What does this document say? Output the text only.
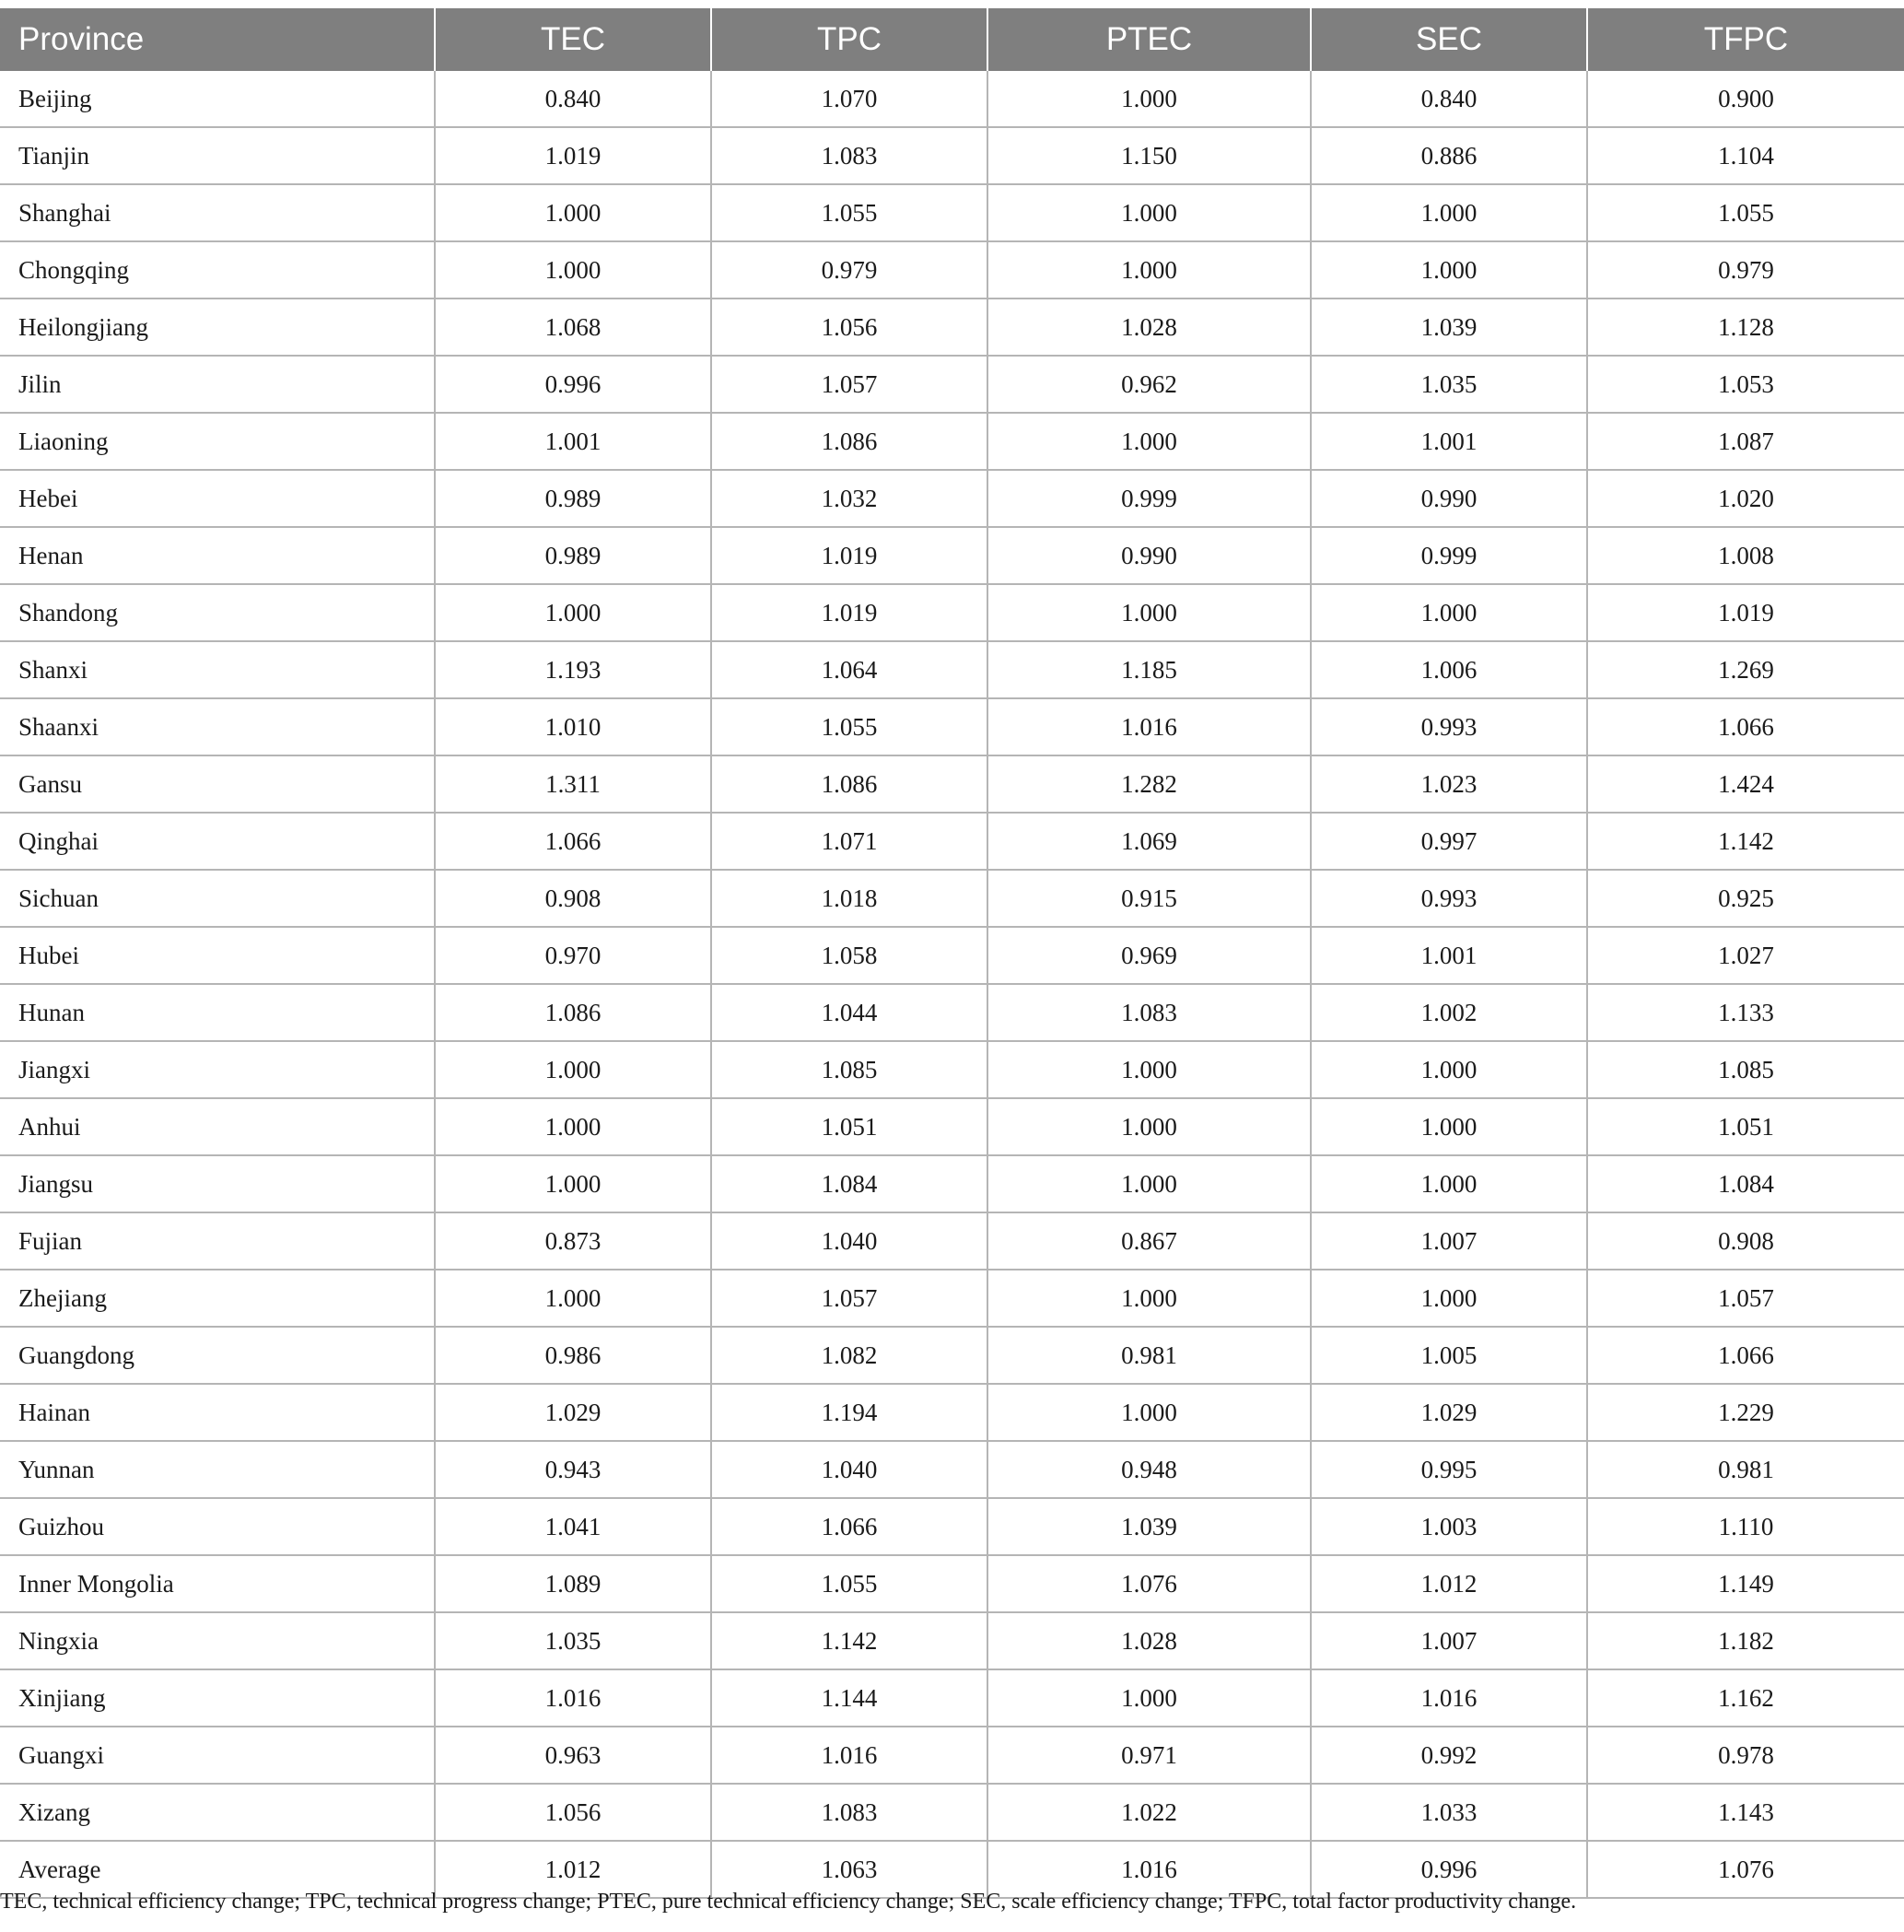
Province	TEC	TPC	PTEC	SEC	TFPC
Beijing	0.840	1.070	1.000	0.840	0.900
Tianjin	1.019	1.083	1.150	0.886	1.104
Shanghai	1.000	1.055	1.000	1.000	1.055
Chongqing	1.000	0.979	1.000	1.000	0.979
Heilongjiang	1.068	1.056	1.028	1.039	1.128
Jilin	0.996	1.057	0.962	1.035	1.053
Liaoning	1.001	1.086	1.000	1.001	1.087
Hebei	0.989	1.032	0.999	0.990	1.020
Henan	0.989	1.019	0.990	0.999	1.008
Shandong	1.000	1.019	1.000	1.000	1.019
Shanxi	1.193	1.064	1.185	1.006	1.269
Shaanxi	1.010	1.055	1.016	0.993	1.066
Gansu	1.311	1.086	1.282	1.023	1.424
Qinghai	1.066	1.071	1.069	0.997	1.142
Sichuan	0.908	1.018	0.915	0.993	0.925
Hubei	0.970	1.058	0.969	1.001	1.027
Hunan	1.086	1.044	1.083	1.002	1.133
Jiangxi	1.000	1.085	1.000	1.000	1.085
Anhui	1.000	1.051	1.000	1.000	1.051
Jiangsu	1.000	1.084	1.000	1.000	1.084
Fujian	0.873	1.040	0.867	1.007	0.908
Zhejiang	1.000	1.057	1.000	1.000	1.057
Guangdong	0.986	1.082	0.981	1.005	1.066
Hainan	1.029	1.194	1.000	1.029	1.229
Yunnan	0.943	1.040	0.948	0.995	0.981
Guizhou	1.041	1.066	1.039	1.003	1.110
Inner Mongolia	1.089	1.055	1.076	1.012	1.149
Ningxia	1.035	1.142	1.028	1.007	1.182
Xinjiang	1.016	1.144	1.000	1.016	1.162
Guangxi	0.963	1.016	0.971	0.992	0.978
Xizang	1.056	1.083	1.022	1.033	1.143
Average	1.012	1.063	1.016	0.996	1.076
TEC, technical efficiency change; TPC, technical progress change; PTEC, pure technical efficiency change; SEC, scale efficiency change; TFPC, total factor productivity change.
